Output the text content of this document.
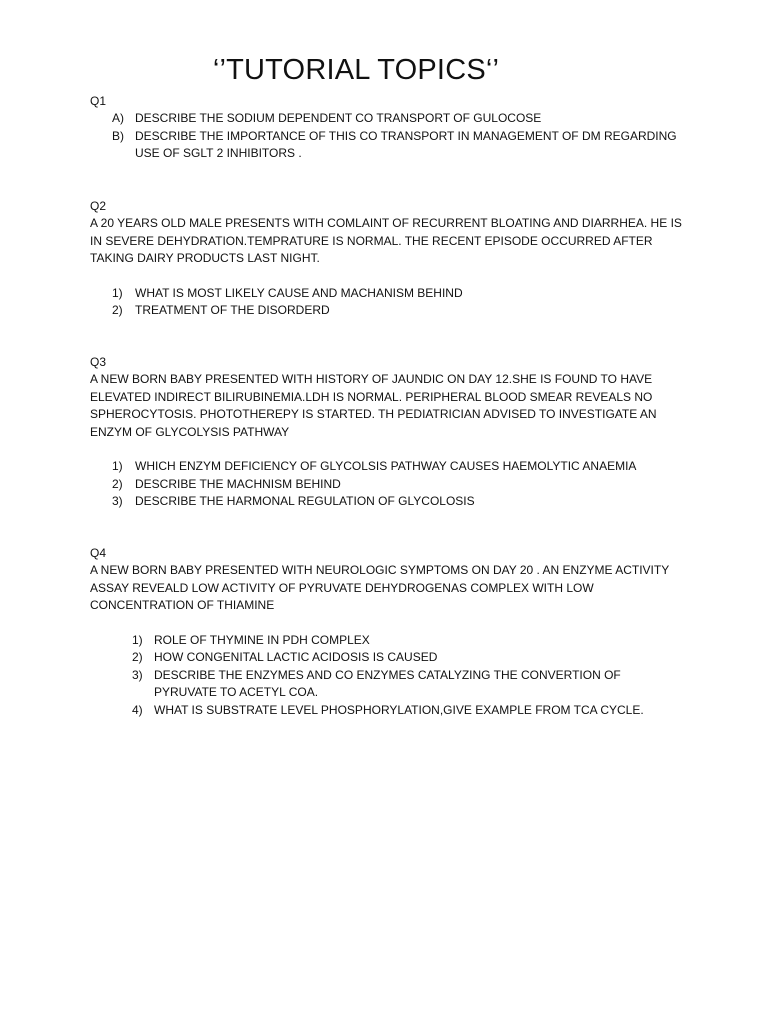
‘’TUTORIAL TOPICS‘’
Q1
A) DESCRIBE THE SODIUM DEPENDENT CO TRANSPORT OF GULOCOSE
B) DESCRIBE THE IMPORTANCE OF THIS CO TRANSPORT IN MANAGEMENT OF DM REGARDING USE OF SGLT 2 INHIBITORS .
Q2

A 20 YEARS OLD MALE PRESENTS WITH COMLAINT OF RECURRENT BLOATING AND DIARRHEA. HE IS IN SEVERE DEHYDRATION.TEMPRATURE IS NORMAL. THE RECENT EPISODE OCCURRED AFTER TAKING DAIRY PRODUCTS LAST NIGHT.

1)	WHAT IS MOST LIKELY CAUSE AND MACHANISM BEHIND
2)	TREATMENT OF THE DISORDERD
Q3

A NEW BORN BABY PRESENTED WITH HISTORY OF JAUNDIC ON DAY 12.SHE IS FOUND TO HAVE ELEVATED INDIRECT BILIRUBINEMIA.LDH IS NORMAL. PERIPHERAL BLOOD SMEAR REVEALS NO SPHEROCYTOSIS. PHOTOTHEREPY IS STARTED. TH PEDIATRICIAN ADVISED TO INVESTIGATE AN ENZYM OF GLYCOLYSIS PATHWAY

1)	WHICH ENZYM DEFICIENCY OF GLYCOLSIS PATHWAY CAUSES HAEMOLYTIC ANAEMIA
2)	DESCRIBE THE MACHNISM BEHIND
3)	DESCRIBE THE HARMONAL REGULATION OF GLYCOLOSIS
Q4

A NEW BORN BABY PRESENTED WITH NEUROLOGIC SYMPTOMS ON DAY 20 . AN ENZYME ACTIVITY ASSAY REVEALD LOW ACTIVITY OF PYRUVATE DEHYDROGENAS COMPLEX WITH LOW CONCENTRATION OF THIAMINE

1) ROLE OF THYMINE IN PDH COMPLEX
2) HOW CONGENITAL LACTIC ACIDOSIS IS CAUSED
3) DESCRIBE THE ENZYMES AND CO ENZYMES CATALYZING THE CONVERTION OF PYRUVATE TO ACETYL COA.
4) WHAT IS SUBSTRATE LEVEL PHOSPHORYLATION,GIVE EXAMPLE FROM TCA CYCLE.
